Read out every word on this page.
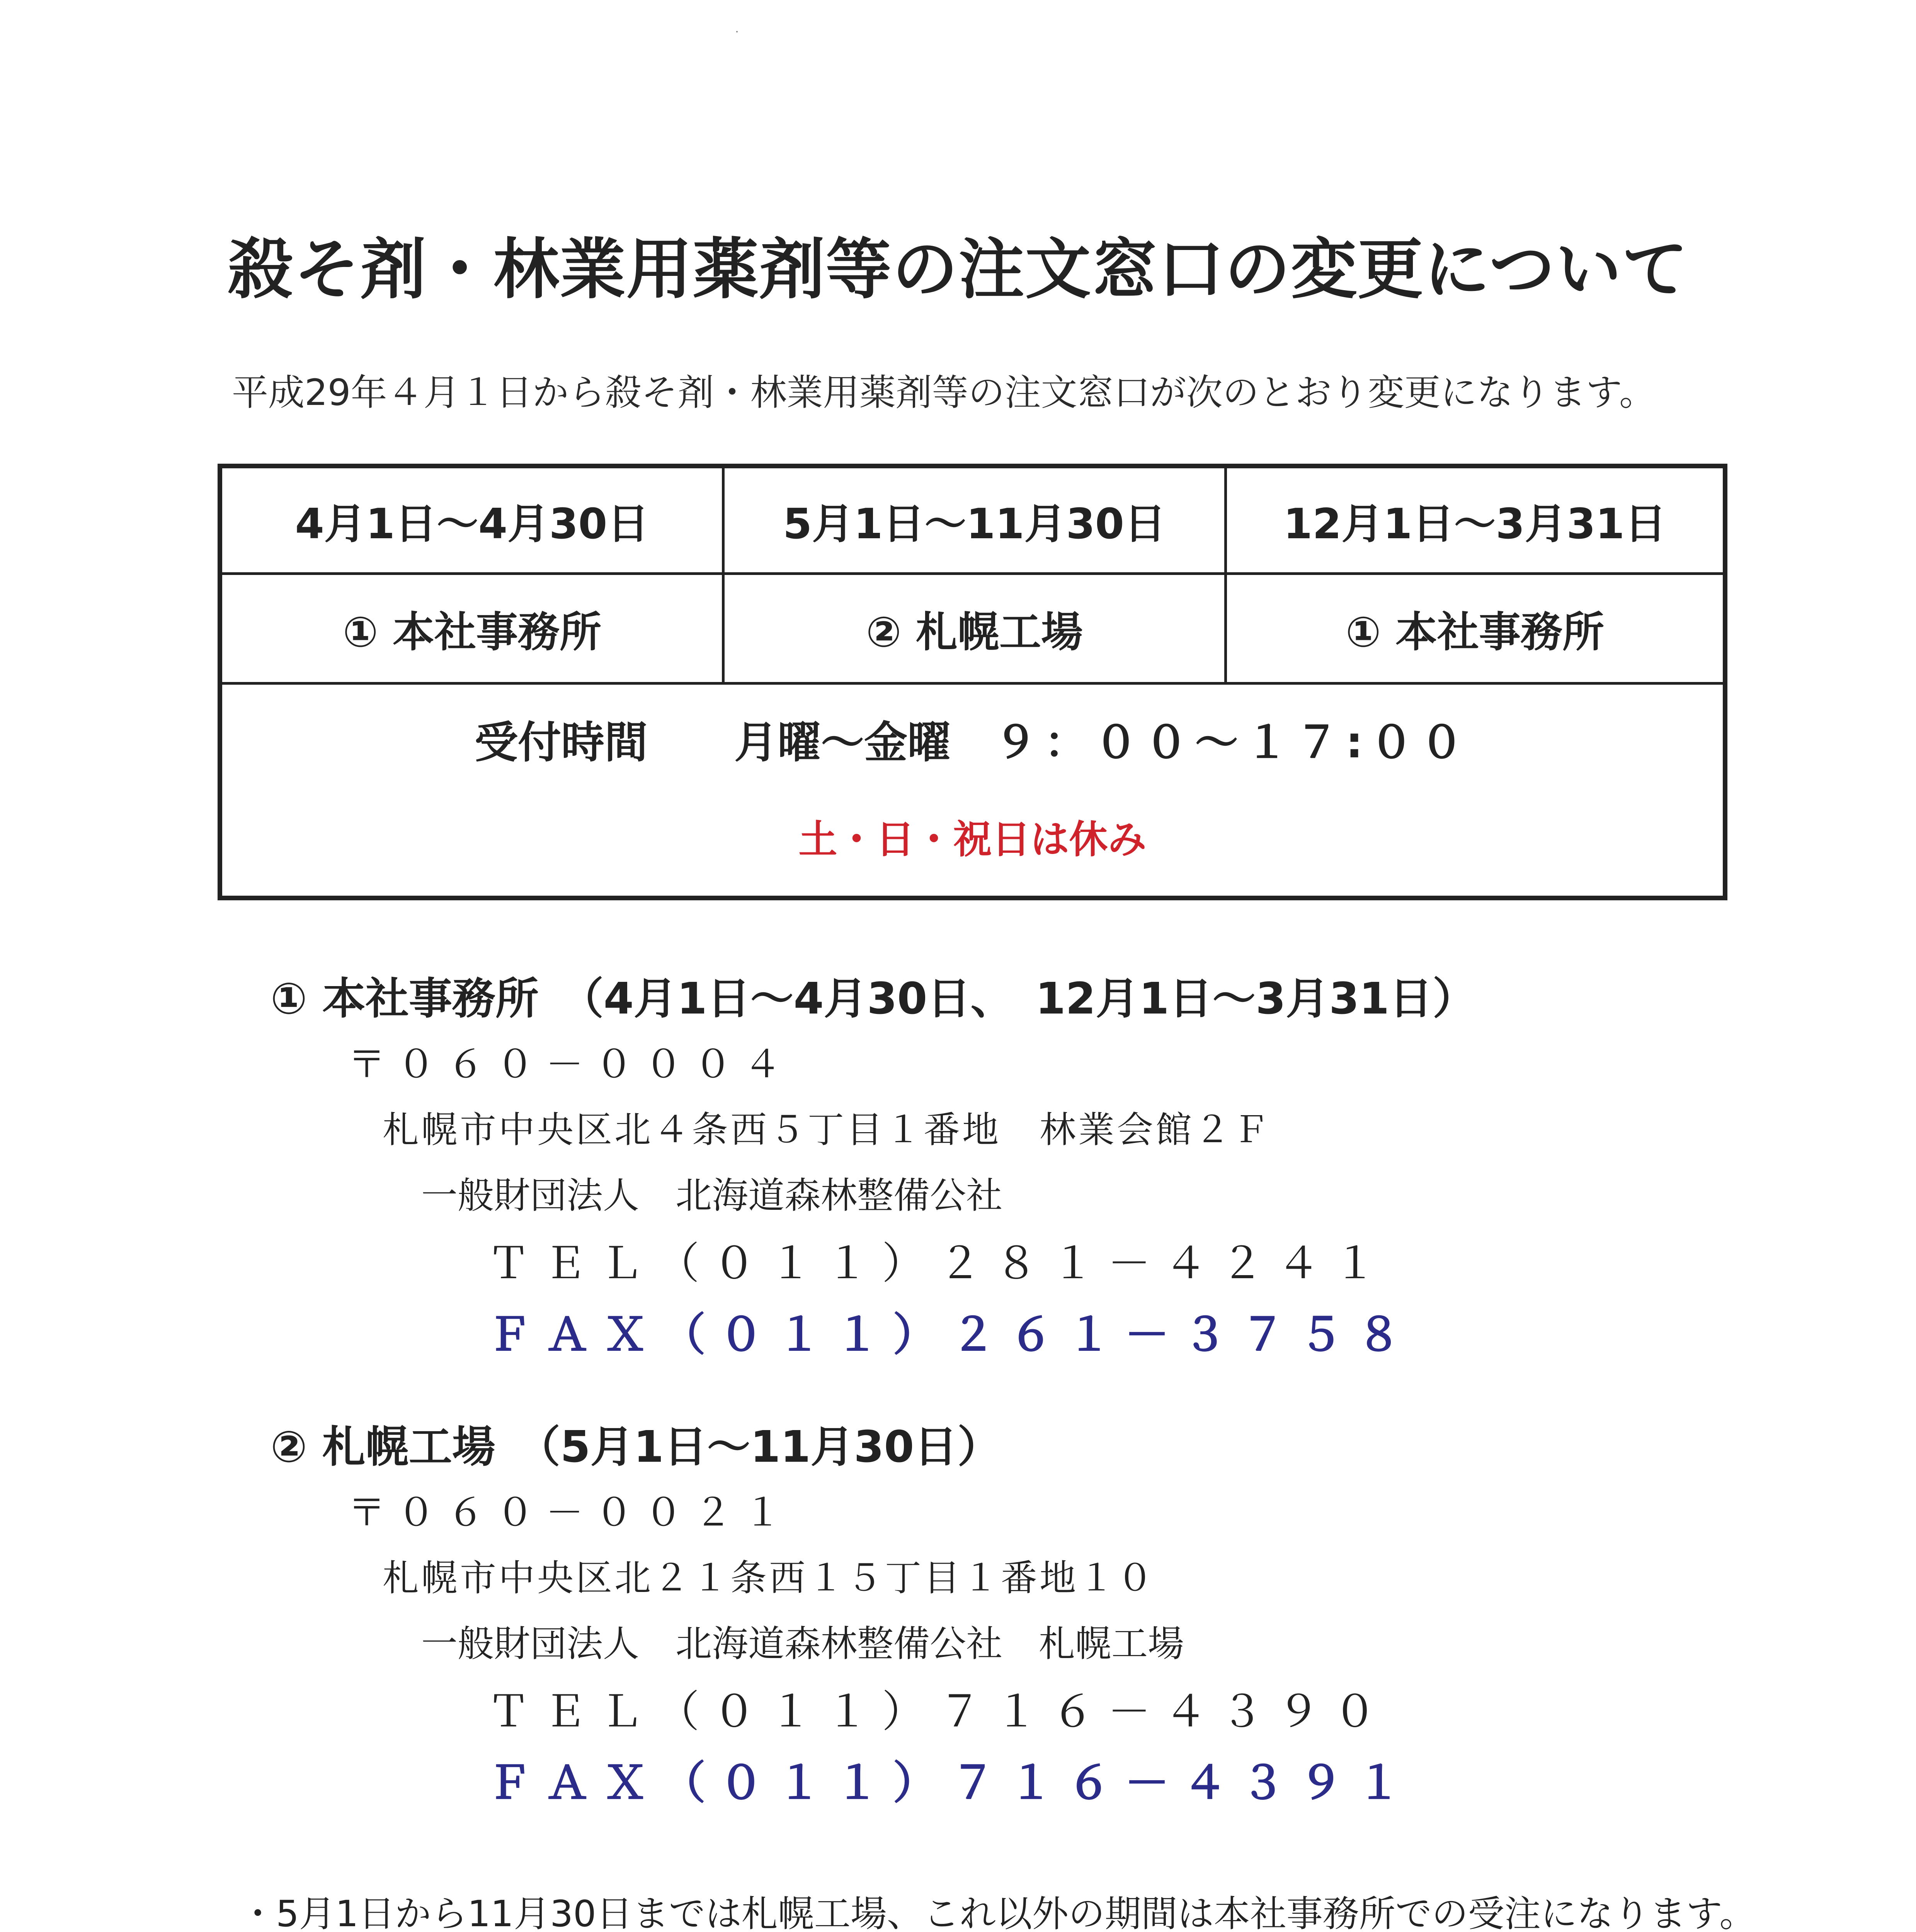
殺そ剤・林業用薬剤等の注文窓口の変更について
平成29年４月１日から殺そ剤・林業用薬剤等の注文窓口が次のとおり変更になります。
4月1日〜4月30日	5月1日〜11月30日	12月1日〜3月31日
① 本社事務所	② 札幌工場	① 本社事務所
受付時間　　 月曜〜金曜　 ９：００〜１７:００
土・日・祝日は休み
① 本社事務所　（4月1日〜4月30日、　12月1日〜3月31日）
〒０６０－０００４
札幌市中央区北４条西５丁目１番地　林業会館２Ｆ
一般財団法人　北海道森林整備公社
ＴＥＬ（０１１）２８１－４２４１
ＦＡＸ（０１１）２６１－３７５８
② 札幌工場　（5月1日〜11月30日）
〒０６０－００２１
札幌市中央区北２１条西１５丁目１番地１０
一般財団法人　北海道森林整備公社　札幌工場
ＴＥＬ（０１１）７１６－４３９０
ＦＡＸ（０１１）７１６－４３９１
・5月1日から11月30日までは札幌工場、これ以外の期間は本社事務所での受注になります。
